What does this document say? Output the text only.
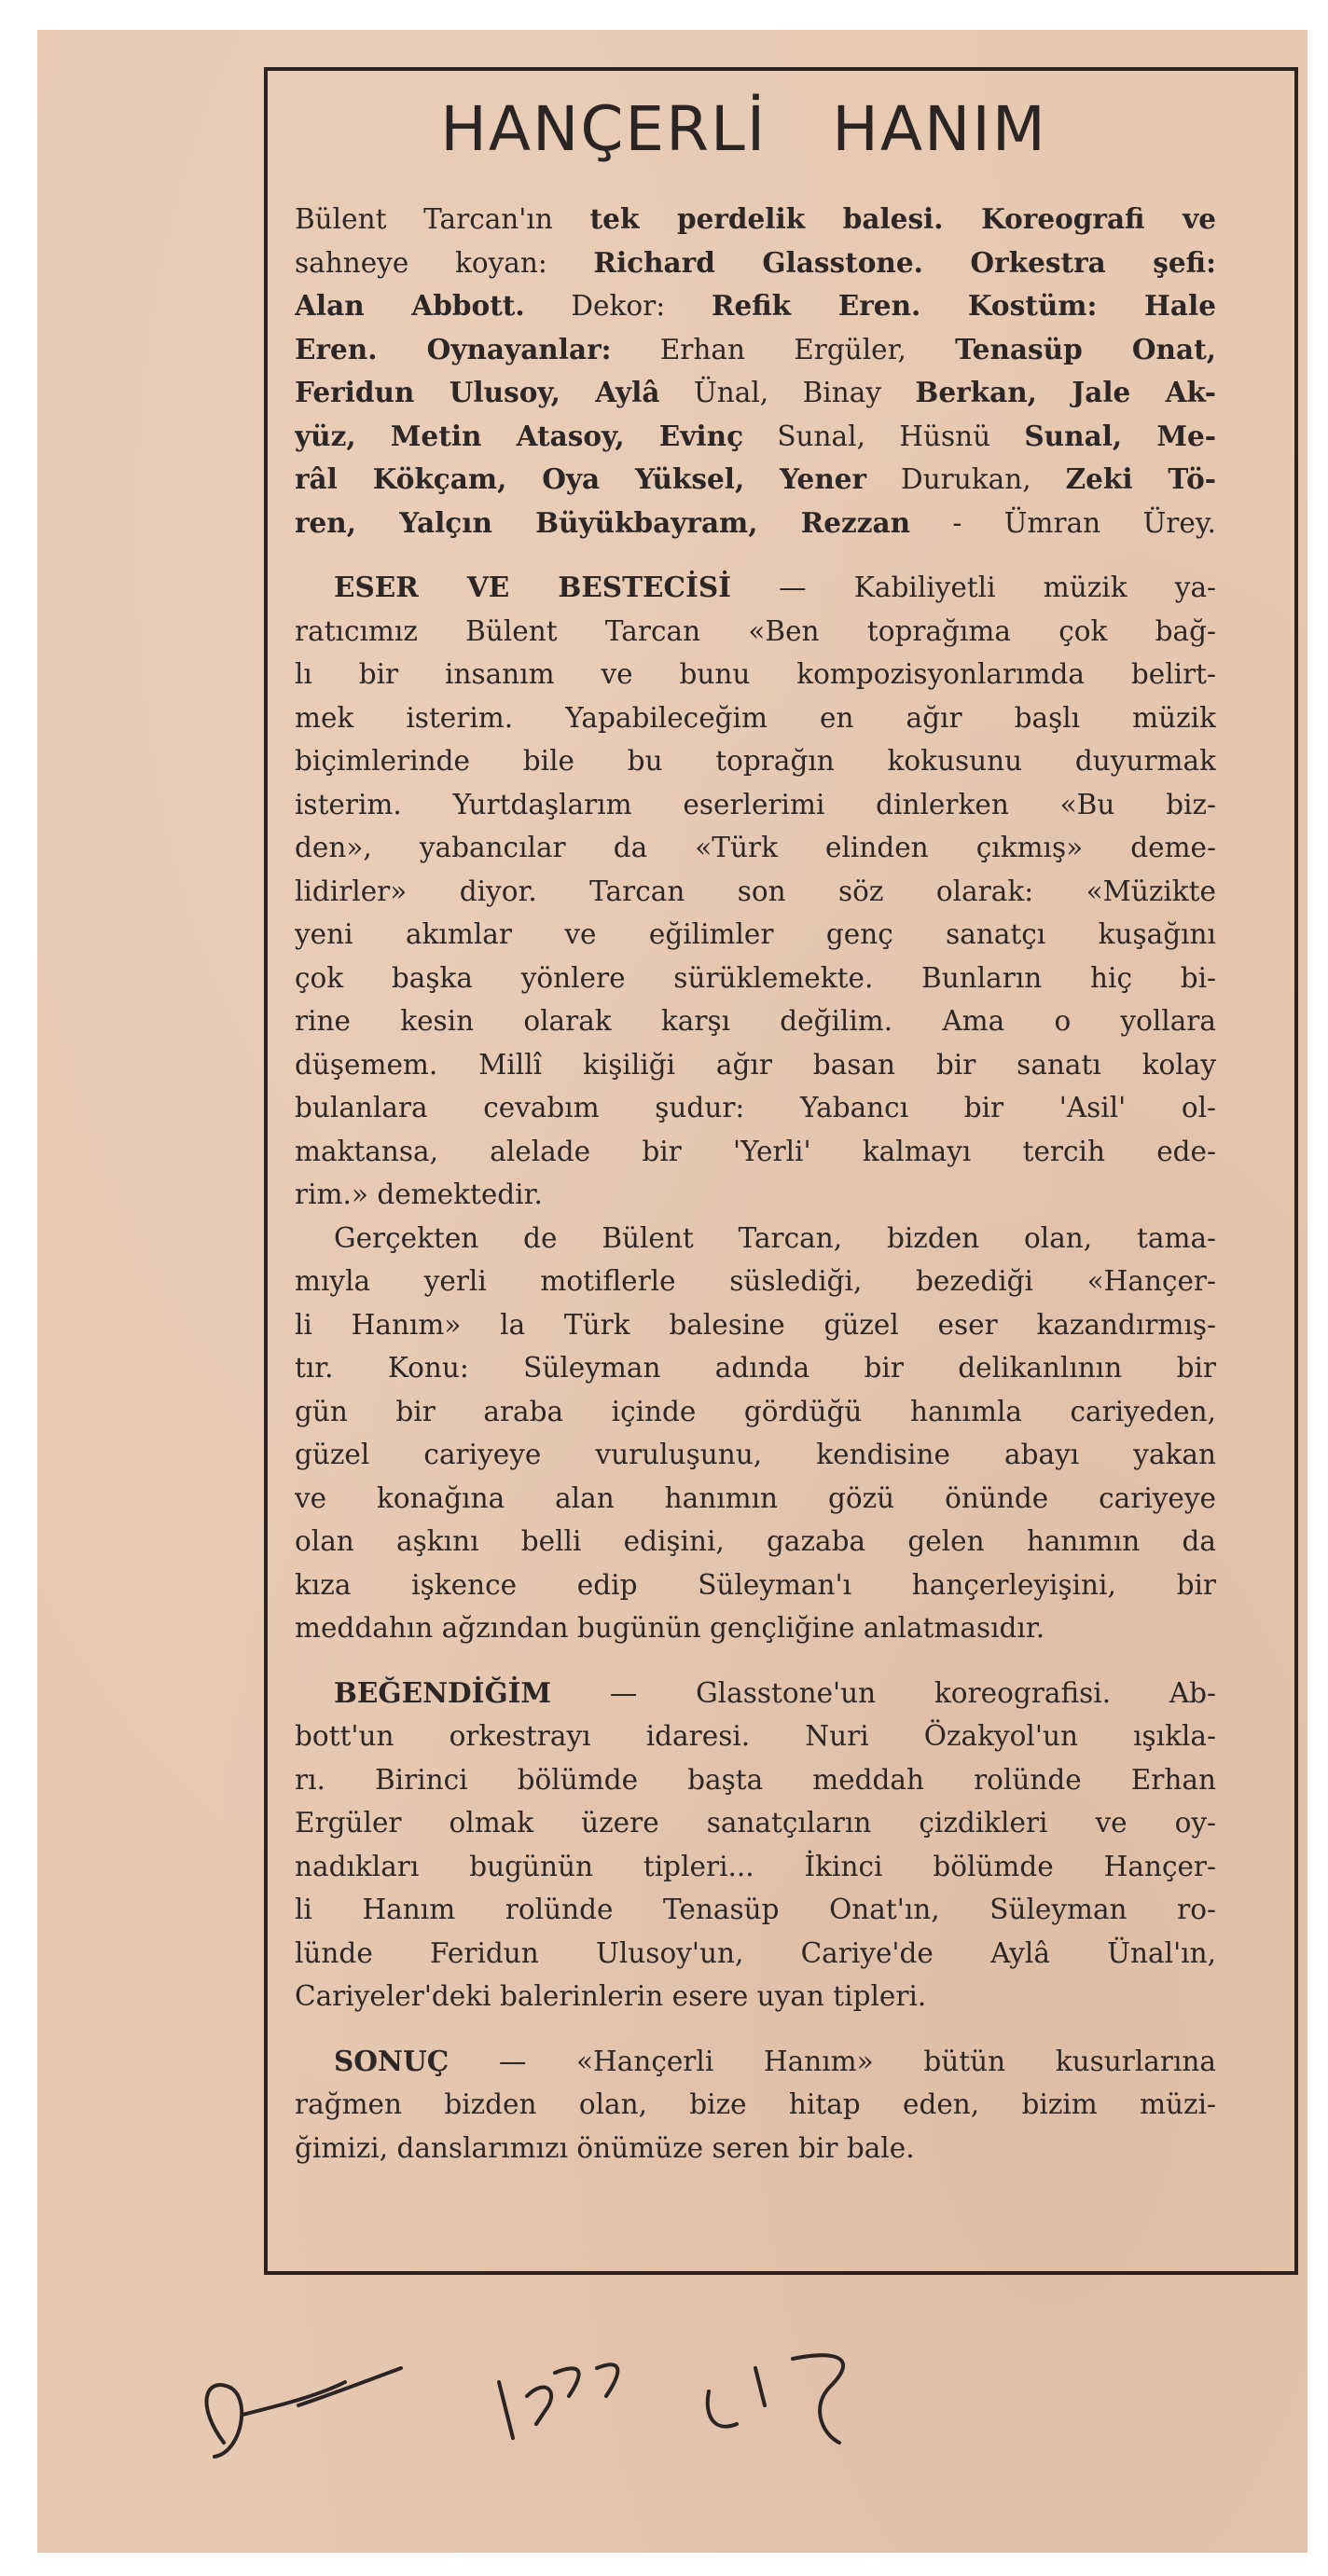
HANÇERLİ HANIM
Bülent Tarcan'ın tek perdelik balesi. Koreografi ve
sahneye koyan: Richard Glasstone. Orkestra şefi:
Alan Abbott. Dekor: Refik Eren. Kostüm: Hale
Eren. Oynayanlar: Erhan Ergüler, Tenasüp Onat,
Feridun Ulusoy, Aylâ Ünal, Binay Berkan, Jale Ak-
yüz, Metin Atasoy, Evinç Sunal, Hüsnü Sunal, Me-
râl Kökçam, Oya Yüksel, Yener Durukan, Zeki Tö-
ren, Yalçın Büyükbayram, Rezzan - Ümran Ürey.
ESER VE BESTECİSİ — Kabiliyetli müzik ya-
ratıcımız Bülent Tarcan «Ben toprağıma çok bağ-
lı bir insanım ve bunu kompozisyonlarımda belirt-
mek isterim. Yapabileceğim en ağır başlı müzik
biçimlerinde bile bu toprağın kokusunu duyurmak
isterim. Yurtdaşlarım eserlerimi dinlerken «Bu biz-
den», yabancılar da «Türk elinden çıkmış» deme-
lidirler» diyor. Tarcan son söz olarak: «Müzikte
yeni akımlar ve eğilimler genç sanatçı kuşağını
çok başka yönlere sürüklemekte. Bunların hiç bi-
rine kesin olarak karşı değilim. Ama o yollara
düşemem. Millî kişiliği ağır basan bir sanatı kolay
bulanlara cevabım şudur: Yabancı bir 'Asil' ol-
maktansa, alelade bir 'Yerli' kalmayı tercih ede-
rim.» demektedir.
Gerçekten de Bülent Tarcan, bizden olan, tama-
mıyla yerli motiflerle süslediği, bezediği «Hançer-
li Hanım» la Türk balesine güzel eser kazandırmış-
tır. Konu: Süleyman adında bir delikanlının bir
gün bir araba içinde gördüğü hanımla cariyeden,
güzel cariyeye vuruluşunu, kendisine abayı yakan
ve konağına alan hanımın gözü önünde cariyeye
olan aşkını belli edişini, gazaba gelen hanımın da
kıza işkence edip Süleyman'ı hançerleyişini, bir
meddahın ağzından bugünün gençliğine anlatmasıdır.
BEĞENDİĞİM — Glasstone'un koreografisi. Ab-
bott'un orkestrayı idaresi. Nuri Özakyol'un ışıkla-
rı. Birinci bölümde başta meddah rolünde Erhan
Ergüler olmak üzere sanatçıların çizdikleri ve oy-
nadıkları bugünün tipleri... İkinci bölümde Hançer-
li Hanım rolünde Tenasüp Onat'ın, Süleyman ro-
lünde Feridun Ulusoy'un, Cariye'de Aylâ Ünal'ın,
Cariyeler'deki balerinlerin esere uyan tipleri.
SONUÇ — «Hançerli Hanım» bütün kusurlarına
rağmen bizden olan, bize hitap eden, bizim müzi-
ğimizi, danslarımızı önümüze seren bir bale.
